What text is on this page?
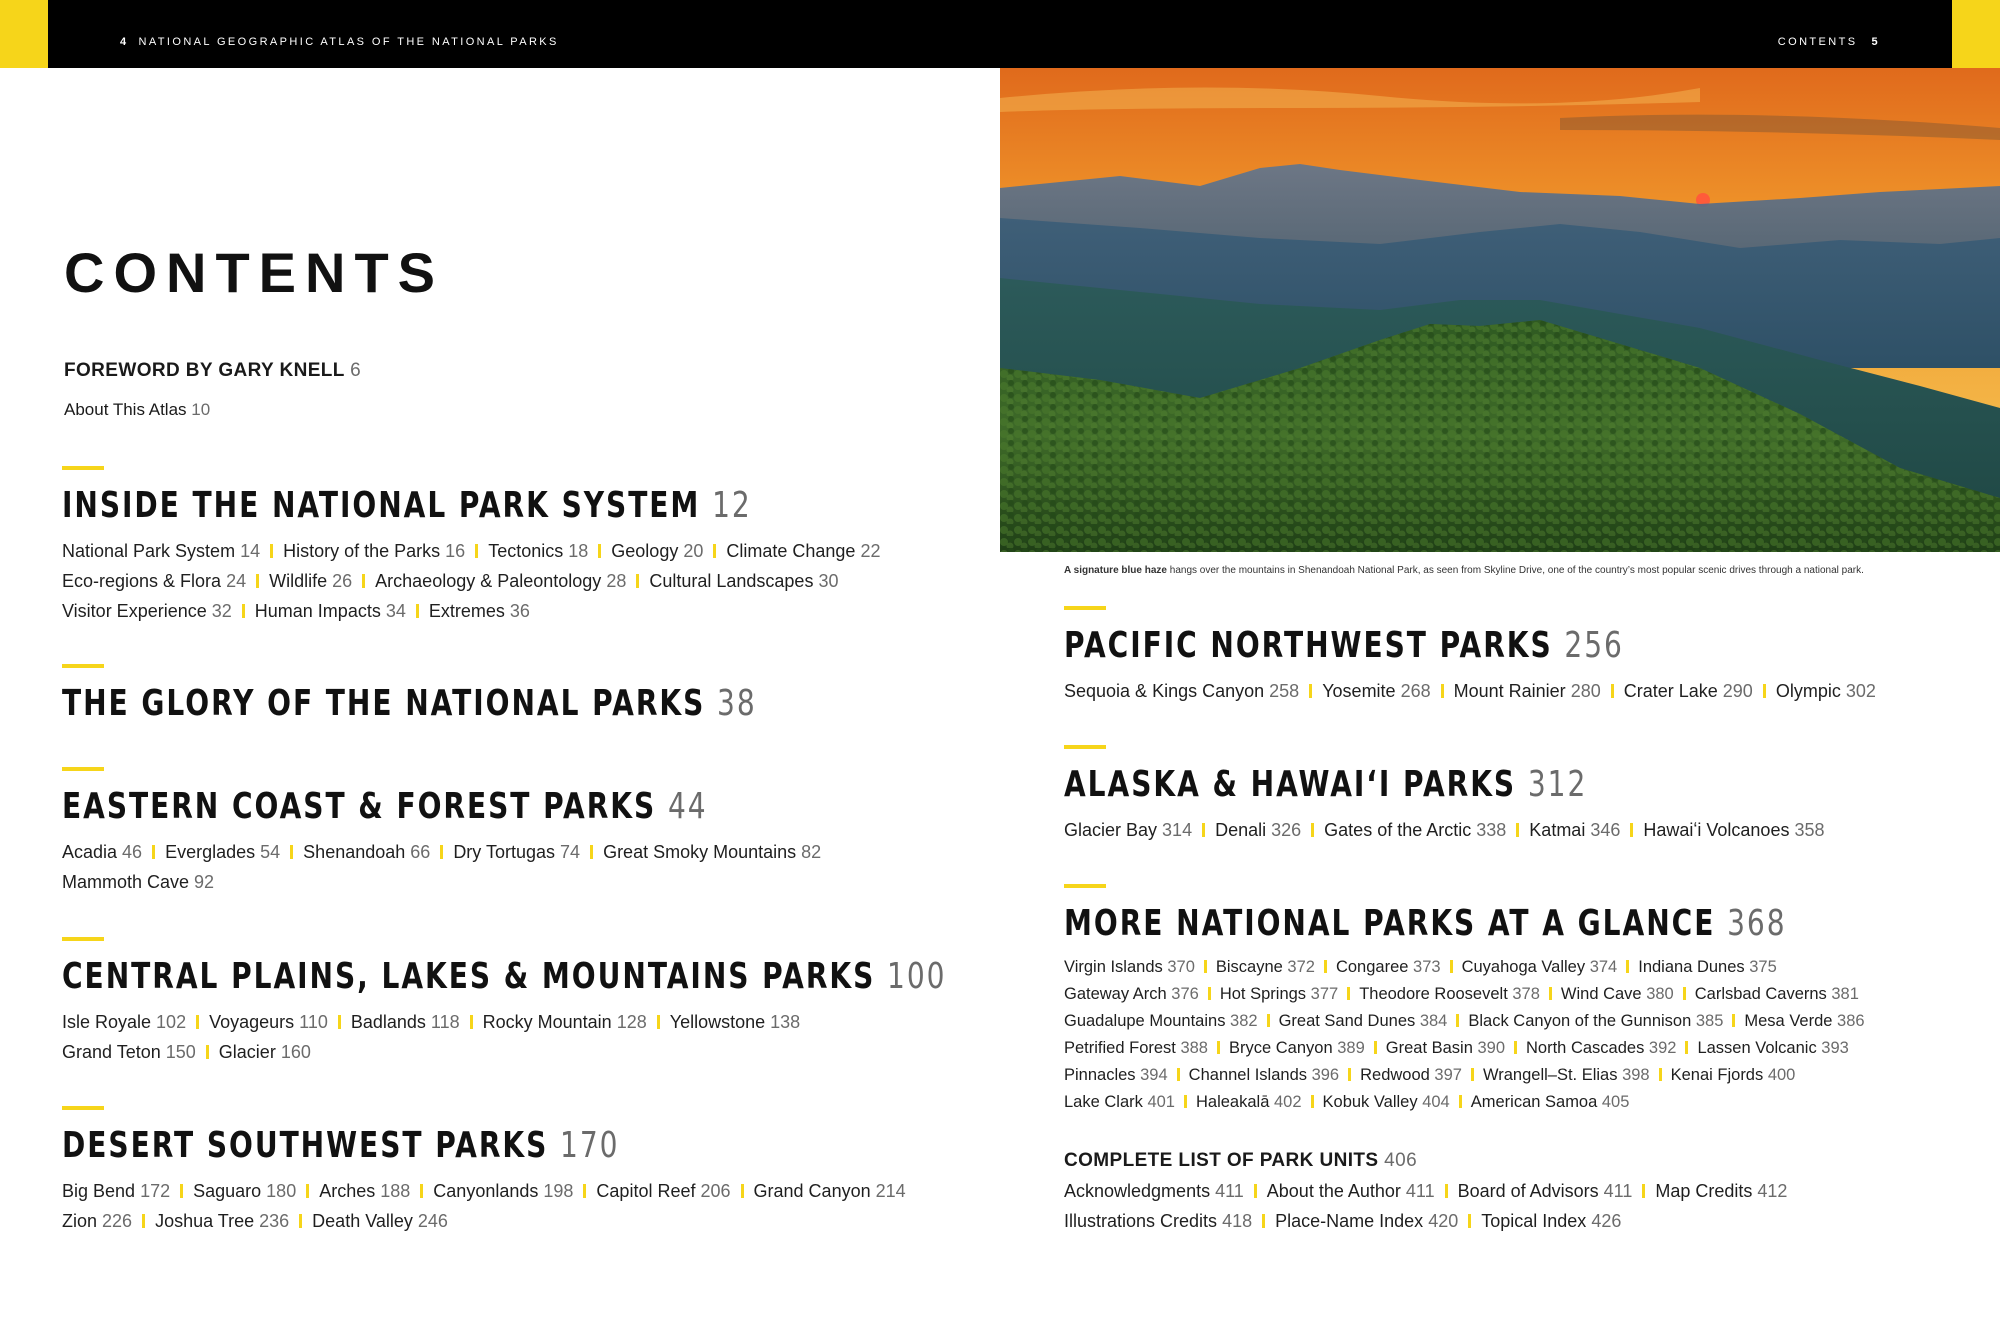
4 NATIONAL GEOGRAPHIC ATLAS OF THE NATIONAL PARKS	CONTENTS 5
CONTENTS
FOREWORD BY GARY KNELL 6
About This Atlas 10
INSIDE THE NATIONAL PARK SYSTEM 12
National Park System 14 History of the Parks 16 Tectonics 18 Geology 20 Climate Change 22
Eco-regions & Flora 24 Wildlife 26 Archaeology & Paleontology 28 Cultural Landscapes 30
Visitor Experience 32 Human Impacts 34 Extremes 36
THE GLORY OF THE NATIONAL PARKS 38
EASTERN COAST & FOREST PARKS 44
Acadia 46 Everglades 54 Shenandoah 66 Dry Tortugas 74 Great Smoky Mountains 82
Mammoth Cave 92
CENTRAL PLAINS, LAKES & MOUNTAINS PARKS 100
Isle Royale 102 Voyageurs 110 Badlands 118 Rocky Mountain 128 Yellowstone 138
Grand Teton 150 Glacier 160
DESERT SOUTHWEST PARKS 170
Big Bend 172 Saguaro 180 Arches 188 Canyonlands 198 Capitol Reef 206 Grand Canyon 214
Zion 226 Joshua Tree 236 Death Valley 246
A signature blue haze hangs over the mountains in Shenandoah National Park, as seen from Skyline Drive, one of the country’s most popular scenic drives through a national park.
PACIFIC NORTHWEST PARKS 256
Sequoia & Kings Canyon 258 Yosemite 268 Mount Rainier 280 Crater Lake 290 Olympic 302
ALASKA & HAWAIʻI PARKS 312
Glacier Bay 314 Denali 326 Gates of the Arctic 338 Katmai 346 Hawaiʻi Volcanoes 358
MORE NATIONAL PARKS AT A GLANCE 368
Virgin Islands 370 Biscayne 372 Congaree 373 Cuyahoga Valley 374 Indiana Dunes 375
Gateway Arch 376 Hot Springs 377 Theodore Roosevelt 378 Wind Cave 380 Carlsbad Caverns 381
Guadalupe Mountains 382 Great Sand Dunes 384 Black Canyon of the Gunnison 385 Mesa Verde 386
Petrified Forest 388 Bryce Canyon 389 Great Basin 390 North Cascades 392 Lassen Volcanic 393
Pinnacles 394 Channel Islands 396 Redwood 397 Wrangell–St. Elias 398 Kenai Fjords 400
Lake Clark 401 Haleakalā 402 Kobuk Valley 404 American Samoa 405
COMPLETE LIST OF PARK UNITS 406
Acknowledgments 411 About the Author 411 Board of Advisors 411 Map Credits 412
Illustrations Credits 418 Place-Name Index 420 Topical Index 426
